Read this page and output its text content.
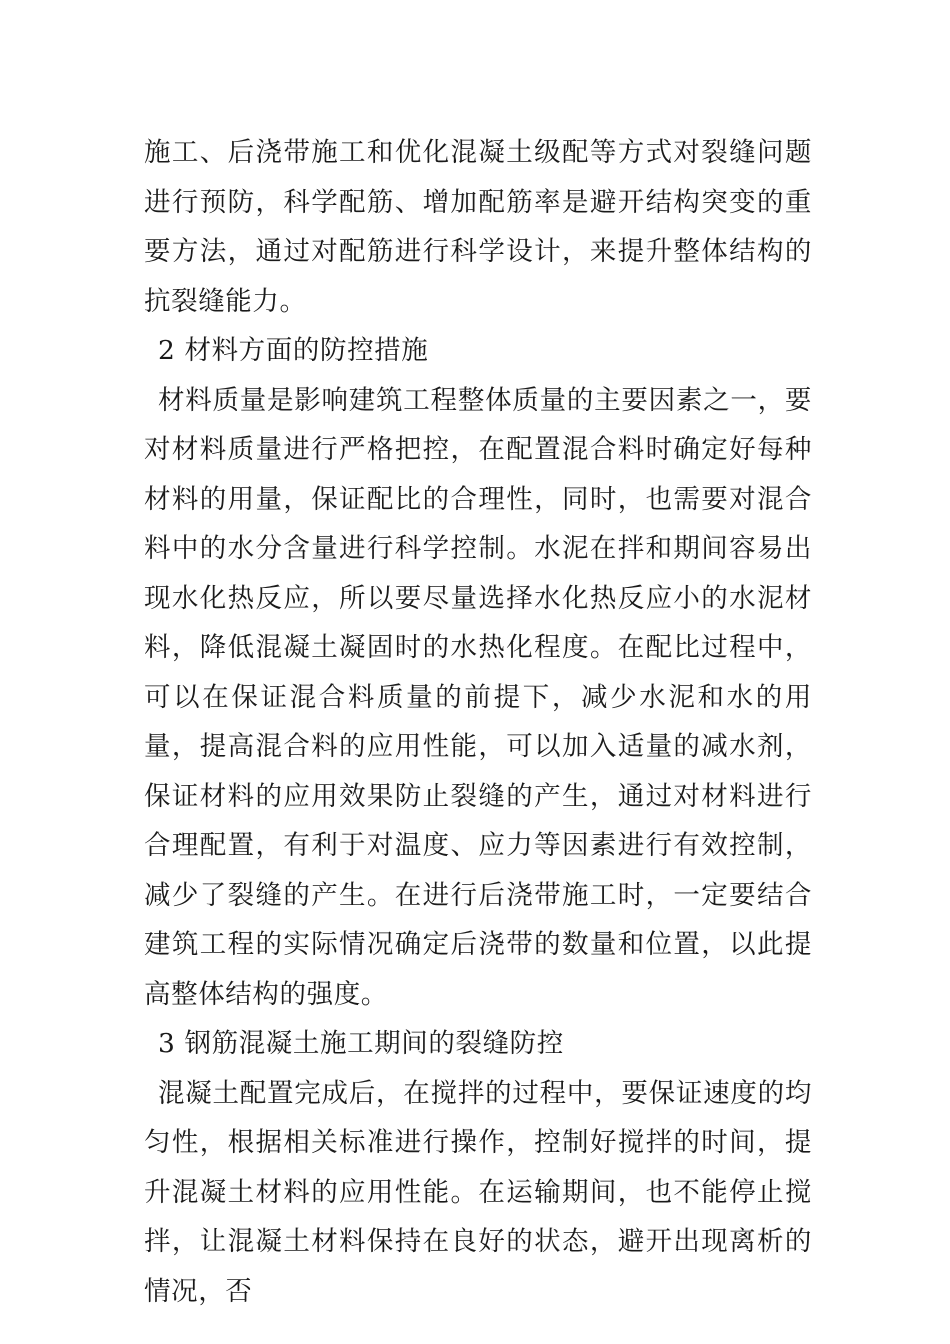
施工、后浇带施工和优化混凝土级配等方式对裂缝问题进行预防，科学配筋、增加配筋率是避开结构突变的重要方法，通过对配筋进行科学设计，来提升整体结构的抗裂缝能力。

2 材料方面的防控措施

材料质量是影响建筑工程整体质量的主要因素之一，要对材料质量进行严格把控，在配置混合料时确定好每种材料的用量，保证配比的合理性，同时，也需要对混合料中的水分含量进行科学控制。水泥在拌和期间容易出现水化热反应，所以要尽量选择水化热反应小的水泥材料，降低混凝土凝固时的水热化程度。在配比过程中，可以在保证混合料质量的前提下，减少水泥和水的用量，提高混合料的应用性能，可以加入适量的减水剂，保证材料的应用效果防止裂缝的产生，通过对材料进行合理配置，有利于对温度、应力等因素进行有效控制，减少了裂缝的产生。在进行后浇带施工时，一定要结合建筑工程的实际情况确定后浇带的数量和位置，以此提高整体结构的强度。

3 钢筋混凝土施工期间的裂缝防控

混凝土配置完成后，在搅拌的过程中，要保证速度的均匀性，根据相关标准进行操作，控制好搅拌的时间，提升混凝土材料的应用性能。在运输期间，也不能停止搅拌，让混凝土材料保持在良好的状态，避开出现离析的情况，否
